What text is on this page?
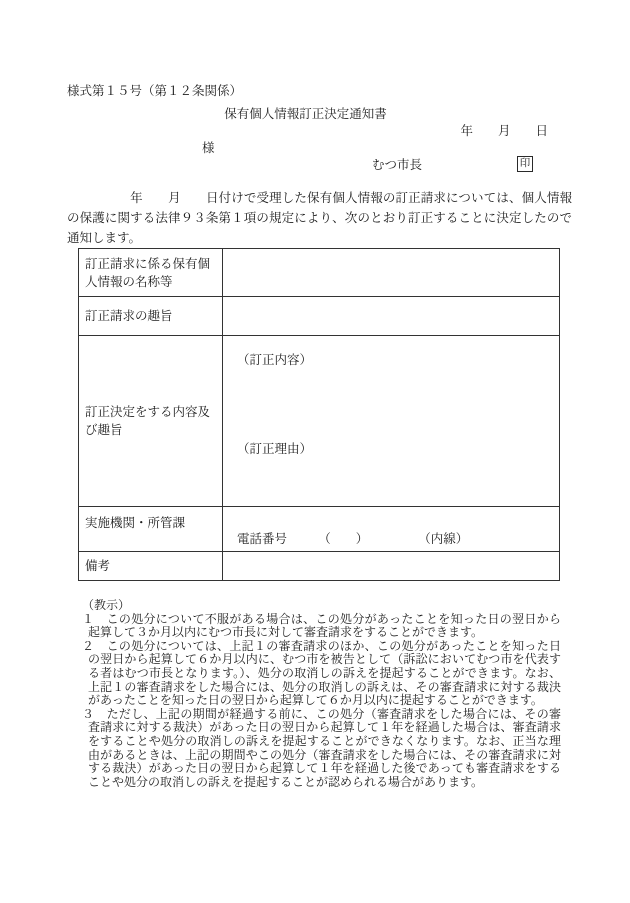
様式第１５号（第１２条関係）
保有個人情報訂正決定通知書
年　　月　　日
様
むつ市長	印

　　　　　年　　月　　日付けで受理した保有個人情報の訂正請求については、個人情報の保護に関する法律９３条第１項の規定により、次のとおり訂正することに決定したので通知します。

訂正請求に係る保有個人情報の名称等	
訂正請求の趣旨	
訂正決定をする内容及び趣旨	（訂正内容）
（訂正理由）

実施機関・所管課	電話番号　　　（　　）　　　　　（内線）

備考	
（教示）

１　この処分について不服がある場合は、この処分があったことを知った日の翌日から起算して３か月以内にむつ市長に対して審査請求をすることができます。

２　この処分については、上記１の審査請求のほか、この処分があったことを知った日の翌日から起算して６か月以内に、むつ市を被告として（訴訟においてむつ市を代表する者はむつ市長となります。）、処分の取消しの訴えを提起することができます。なお、上記１の審査請求をした場合には、処分の取消しの訴えは、その審査請求に対する裁決があったことを知った日の翌日から起算して６か月以内に提起することができます。

３　ただし、上記の期間が経過する前に、この処分（審査請求をした場合には、その審査請求に対する裁決）があった日の翌日から起算して１年を経過した場合は、審査請求をすることや処分の取消しの訴えを提起することができなくなります。なお、正当な理由があるときは、上記の期間やこの処分（審査請求をした場合には、その審査請求に対する裁決）があった日の翌日から起算して１年を経過した後であっても審査請求をすることや処分の取消しの訴えを提起することが認められる場合があります。
